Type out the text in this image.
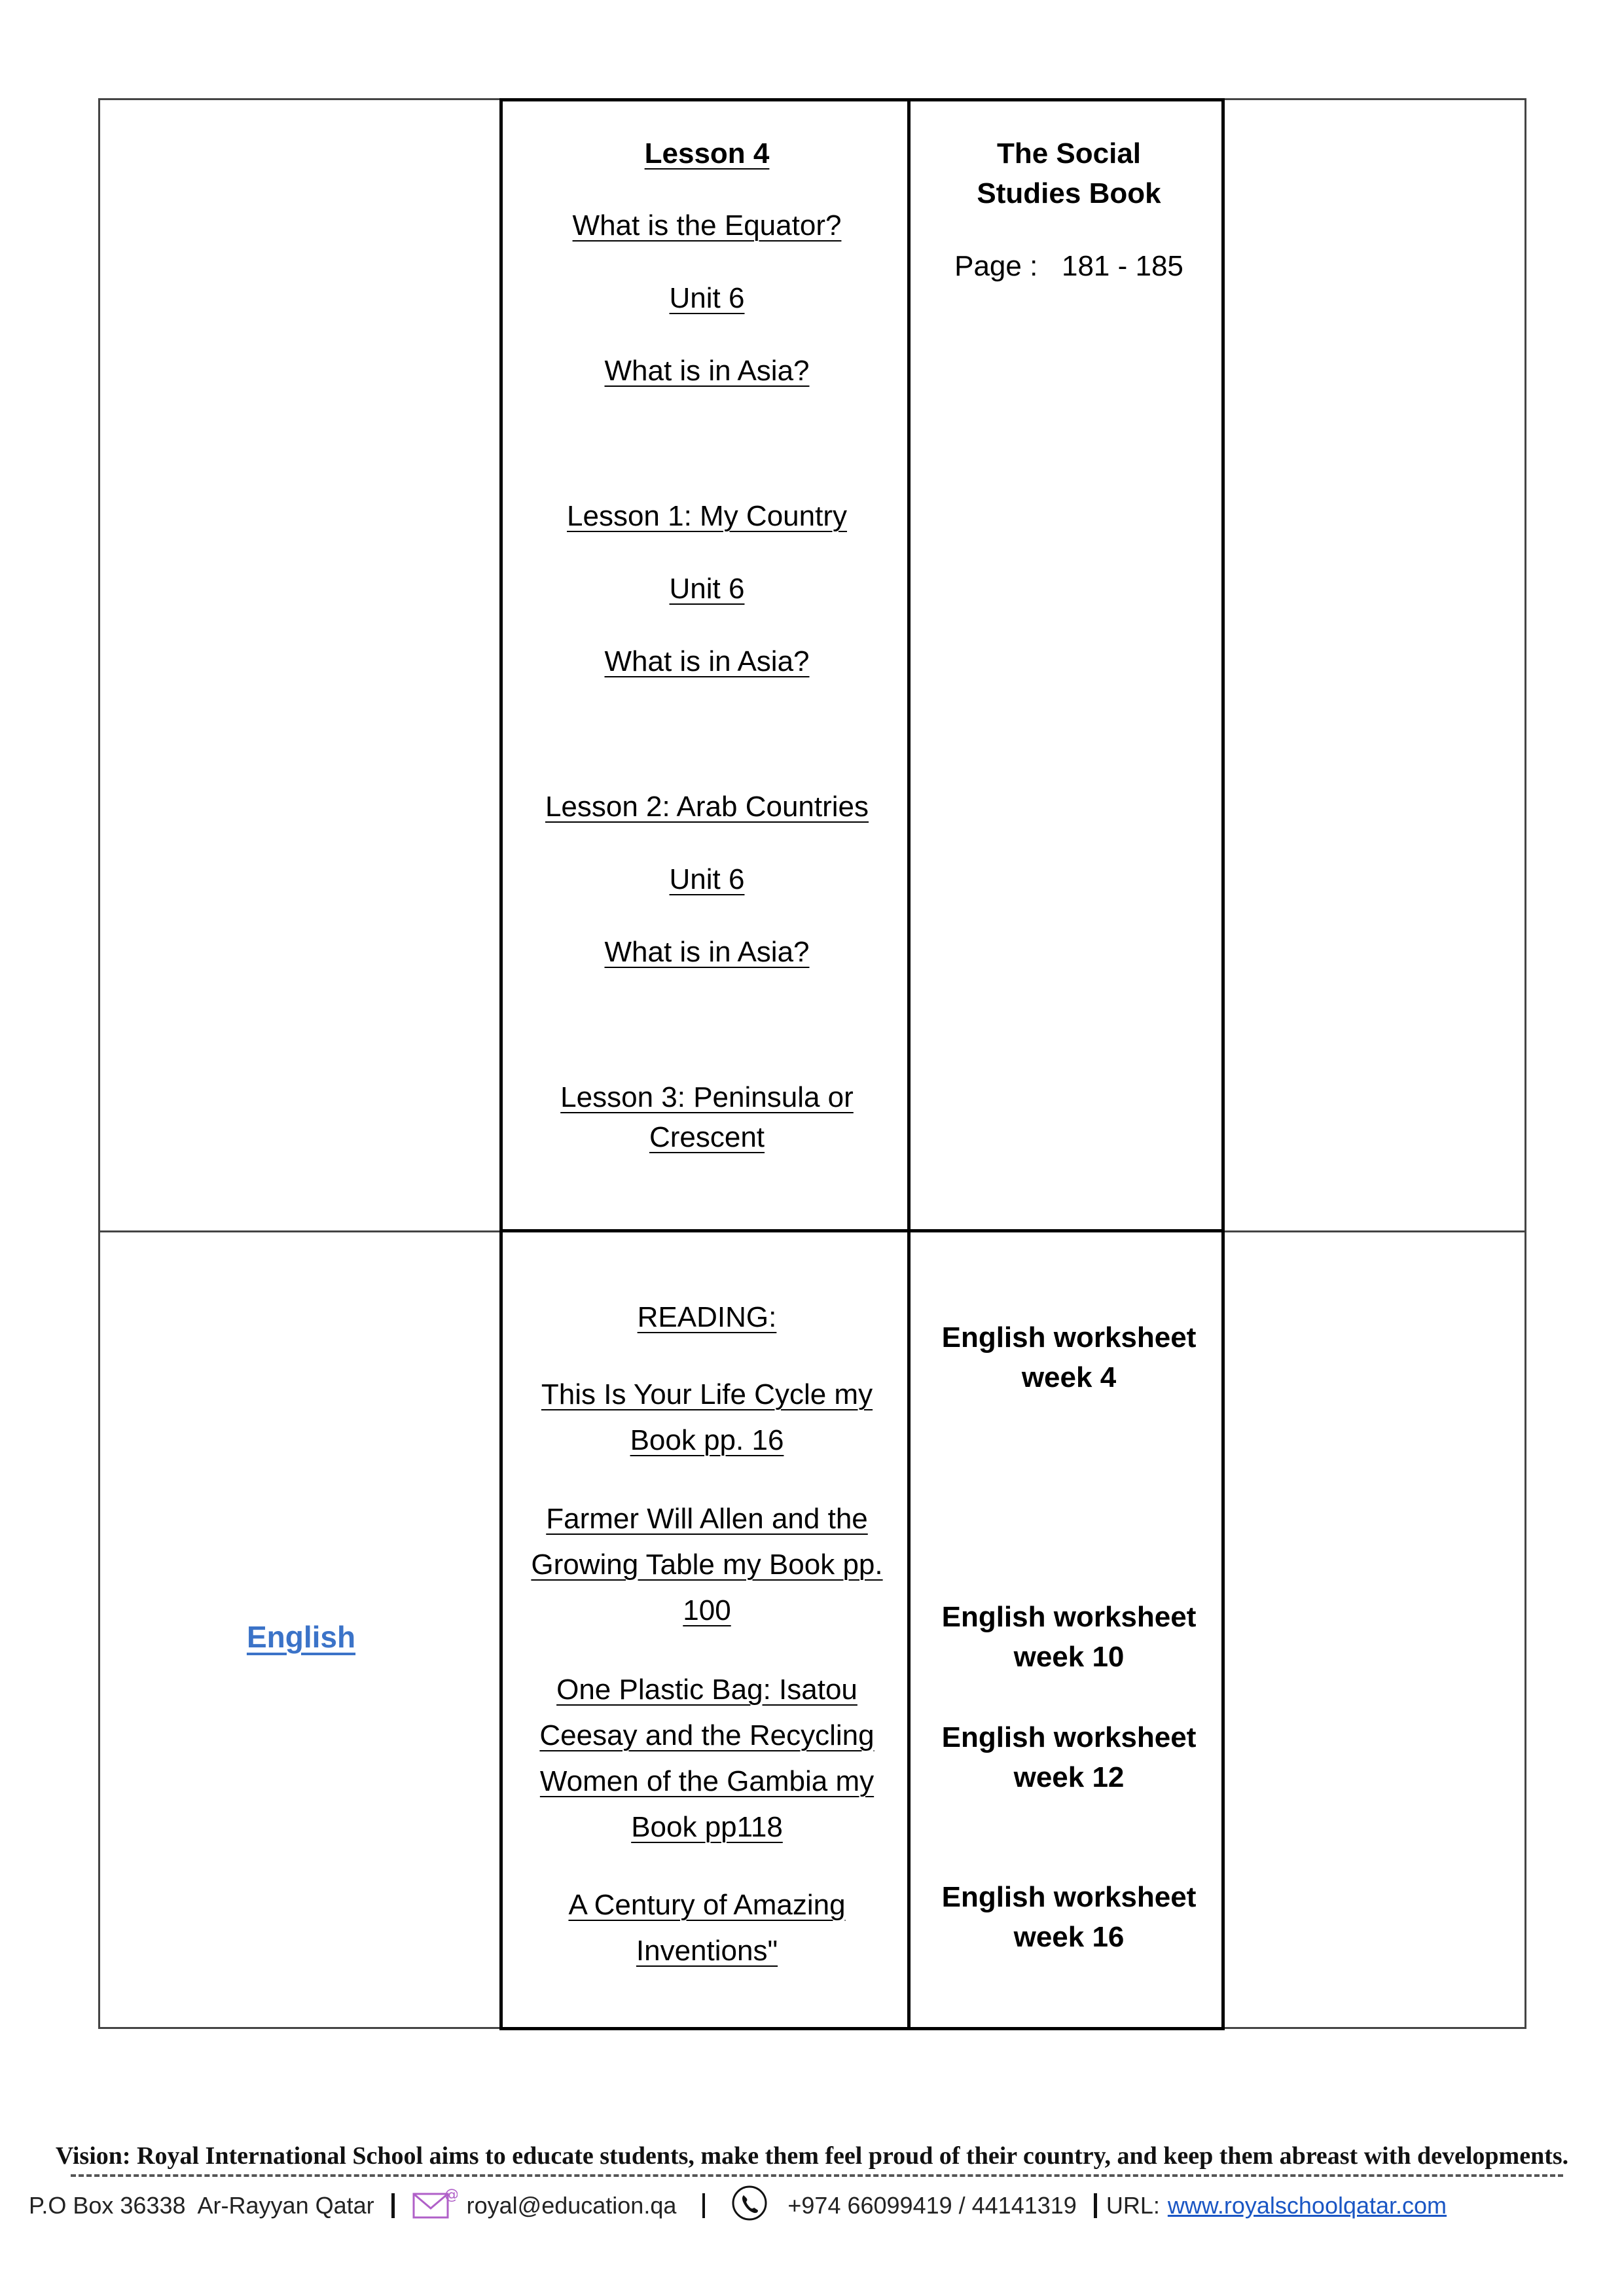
Lesson 4
What is the Equator?
Unit 6
What is in Asia?
Lesson 1: My Country
Unit 6
What is in Asia?
Lesson 2: Arab Countries
Unit 6
What is in Asia?
Lesson 3: Peninsula or
Crescent
The Social
Studies Book
Page :   181 - 185
English
READING:
This Is Your Life Cycle my
Book pp. 16
Farmer Will Allen and the
Growing Table my Book pp.
100
One Plastic Bag: Isatou
Ceesay and the Recycling
Women of the Gambia my
Book pp118
A Century of Amazing
Inventions"
English worksheet
week 4
English worksheet
week 10
English worksheet
week 12
English worksheet
week 16
Vision: Royal International School aims to educate students, make them feel proud of their country, and keep them abreast with developments.
P.O Box 36338  Ar-Rayyan Qatar	@ royal@education.qa	+974 66099419 / 44141319 URL: www.royalschoolqatar.com
